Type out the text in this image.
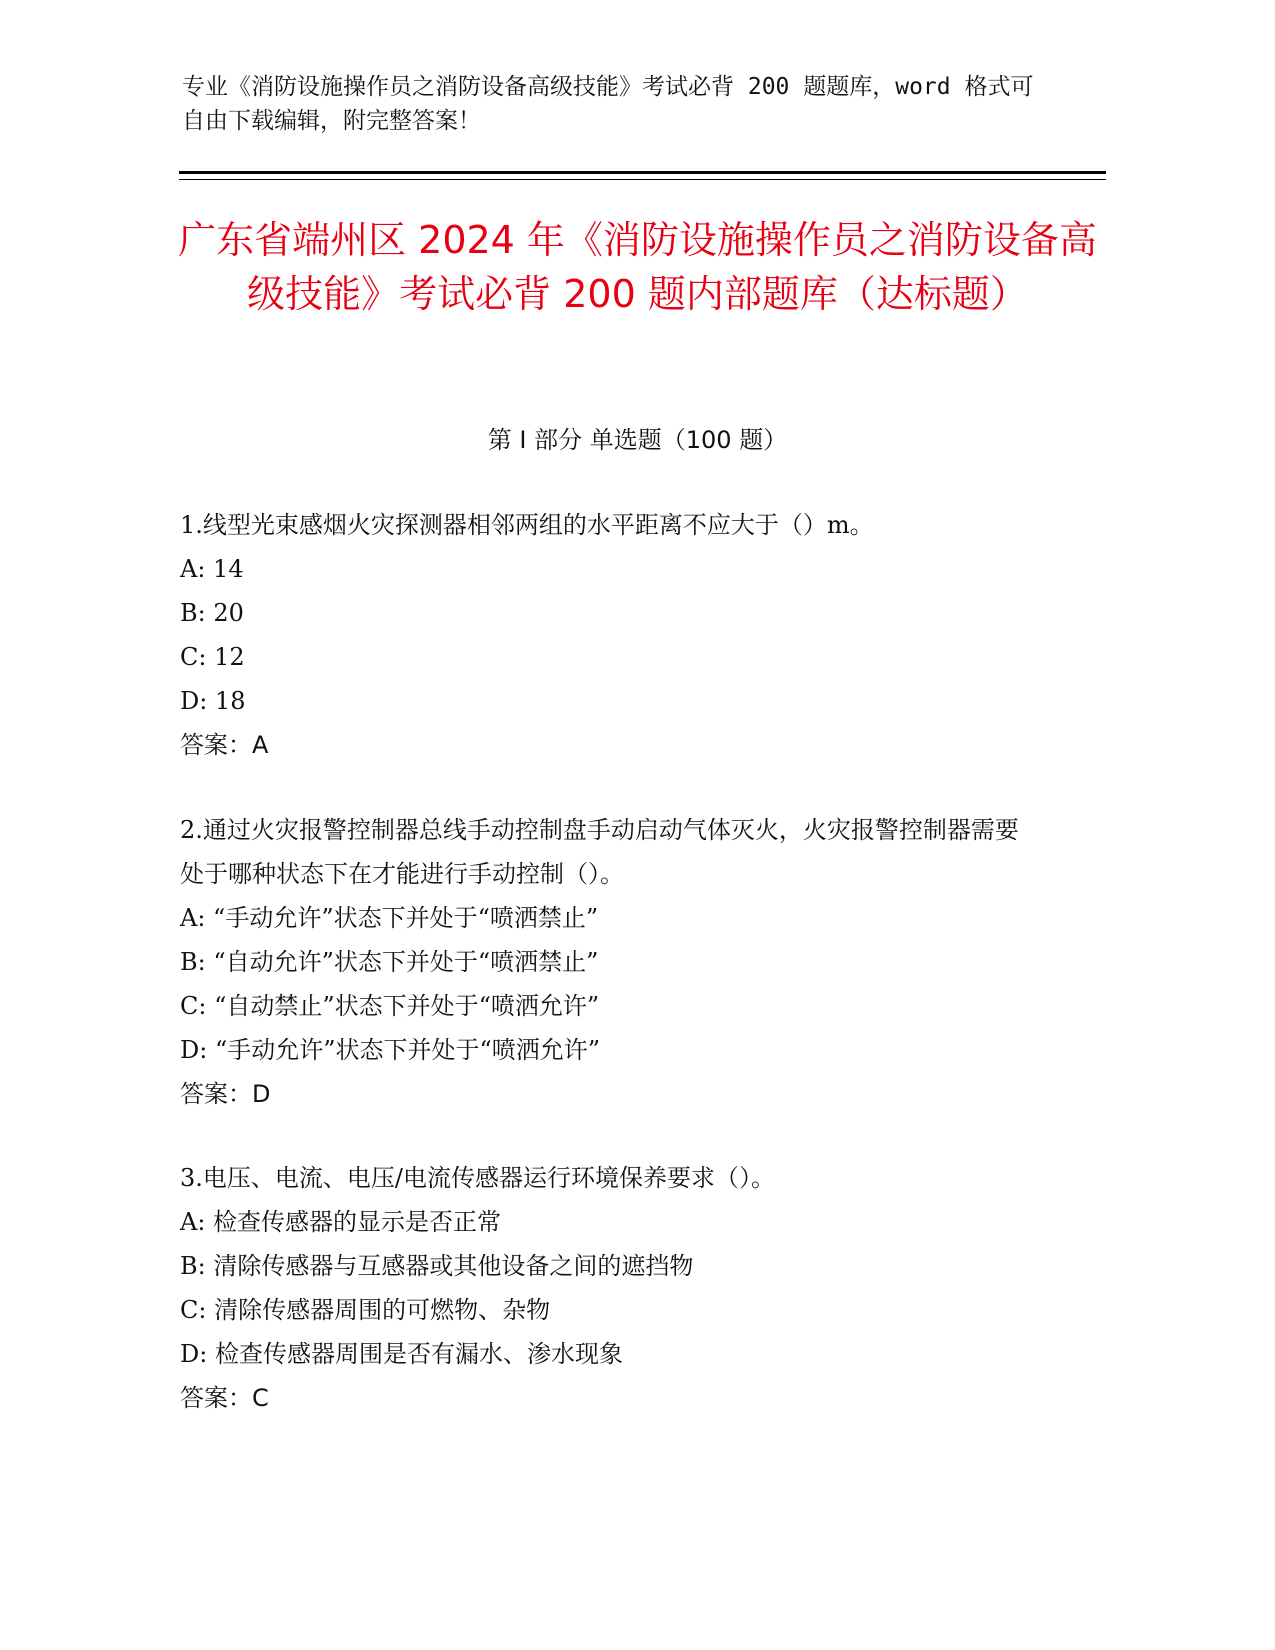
专业《消防设施操作员之消防设备高级技能》考试必背 200 题题库，word 格式可自由下载编辑，附完整答案！
广东省端州区 2024 年《消防设施操作员之消防设备高级技能》考试必背 200 题内部题库（达标题）
第 I 部分 单选题（100 题）

1.线型光束感烟火灾探测器相邻两组的水平距离不应大于（）m。

A: 14

B: 20

C: 12

D: 18

答案：A

2.通过火灾报警控制器总线手动控制盘手动启动气体灭火，火灾报警控制器需要处于哪种状态下在才能进行手动控制（）。

A: “手动允许”状态下并处于“喷洒禁止”

B: “自动允许”状态下并处于“喷洒禁止”

C: “自动禁止”状态下并处于“喷洒允许”

D: “手动允许”状态下并处于“喷洒允许”

答案：D

3.电压、电流、电压/电流传感器运行环境保养要求（）。

A: 检查传感器的显示是否正常

B: 清除传感器与互感器或其他设备之间的遮挡物

C: 清除传感器周围的可燃物、杂物

D: 检查传感器周围是否有漏水、渗水现象

答案：C
